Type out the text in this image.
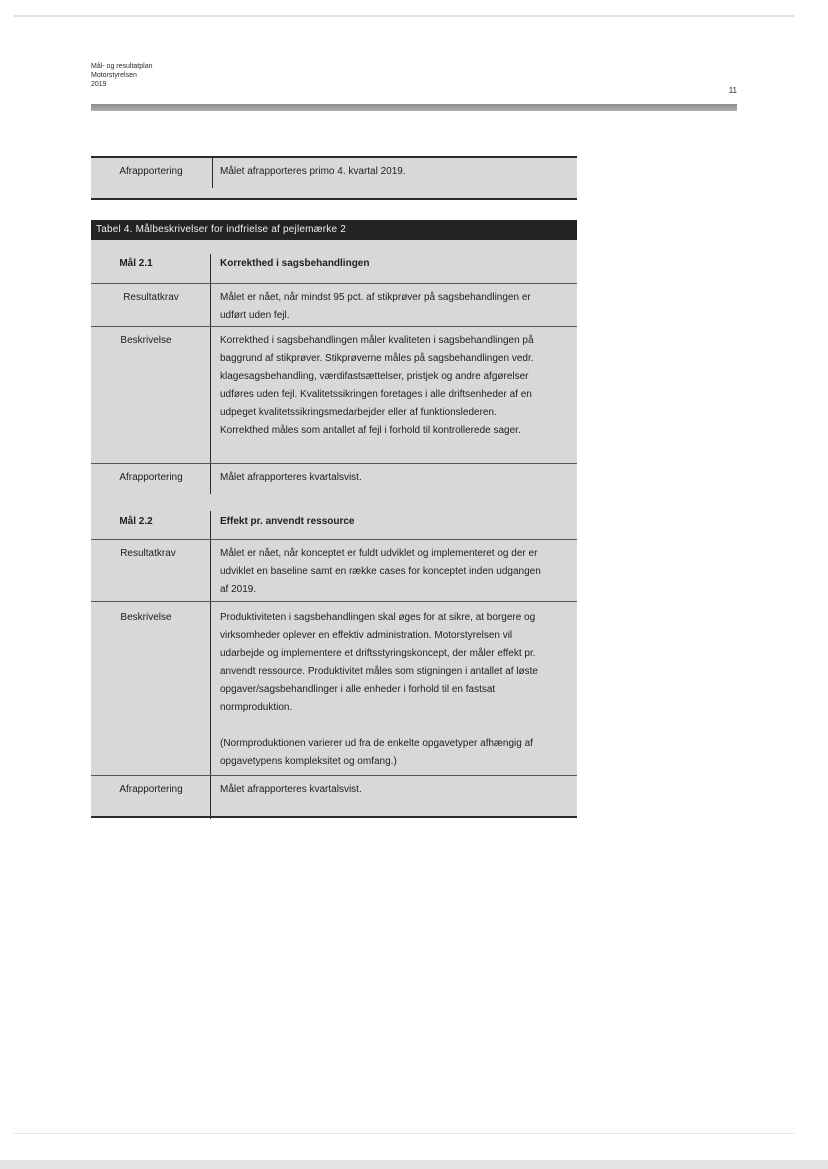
Mål- og resultatplan
Motorstyrelsen
2019
11
Afrapportering	Målet afrapporteres primo 4. kvartal 2019.
Tabel 4. Målbeskrivelser for indfrielse af pejlemærke 2
Mål 2.1	Korrekthed i sagsbehandlingen
Resultatkrav	Målet er nået, når mindst 95 pct. af stikprøver på sagsbehandlingen er udført uden fejl.
Beskrivelse	Korrekthed i sagsbehandlingen måler kvaliteten i sagsbehandlingen på baggrund af stikprøver. Stikprøverne måles på sagsbehandlingen vedr. klagesagsbehandling, værdifastsættelser, pristjek og andre afgørelser udføres uden fejl. Kvalitetssikringen foretages i alle driftsenheder af en udpeget kvalitetssikringsmedarbejder eller af funktionslederen. Korrekthed måles som antallet af fejl i forhold til kontrollerede sager.
Afrapportering	Målet afrapporteres kvartalsvist.
Mål 2.2	Effekt pr. anvendt ressource
Resultatkrav	Målet er nået, når konceptet er fuldt udviklet og implementeret og der er udviklet en baseline samt en række cases for konceptet inden udgangen af 2019.
Beskrivelse	Produktiviteten i sagsbehandlingen skal øges for at sikre, at borgere og virksomheder oplever en effektiv administration. Motorstyrelsen vil udarbejde og implementere et driftsstyringskoncept, der måler effekt pr. anvendt ressource. Produktivitet måles som stigningen i antallet af løste opgaver/sagsbehandlinger i alle enheder i forhold til en fastsat normproduktion.

(Normproduktionen varierer ud fra de enkelte opgavetyper afhængig af opgavetypens kompleksitet og omfang.)

Afrapportering	Målet afrapporteres kvartalsvist.
